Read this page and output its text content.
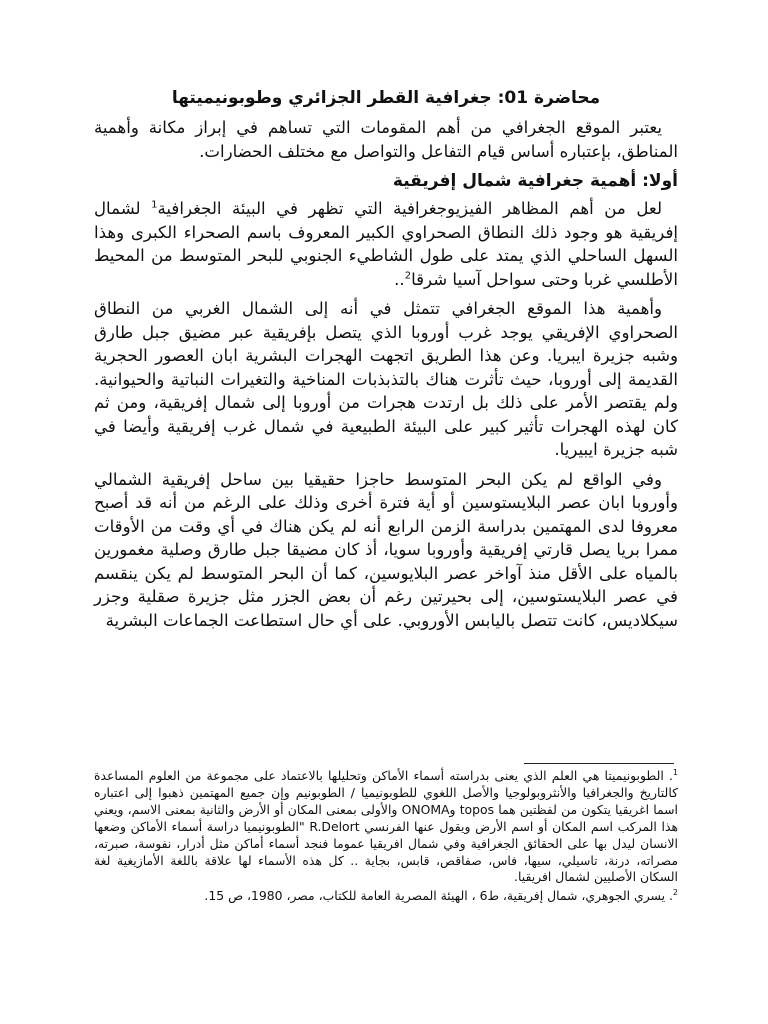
محاضرة 01: جغرافية القطر الجزائري وطوبونيميتها

يعتبر الموقع الجغرافي من أهم المقومات التي تساهم في إبراز مكانة وأهمية المناطق، بإعتباره أساس قيام التفاعل والتواصل مع مختلف الحضارات.

أولا: أهمية جغرافية شمال إفريقية

لعل من أهم المظاهر الفيزيوجغرافية التي تظهر في البيئة الجغرافية$^1$ لشمال إفريقية هو وجود ذلك النطاق الصحراوي الكبير المعروف باسم الصحراء الكبرى وهذا السهل الساحلي الذي يمتد على طول الشاطيء الجنوبي للبحر المتوسط من المحيط الأطلسي غربا وحتى سواحل آسيا شرقا$^2$..

وأهمية هذا الموقع الجغرافي تتمثل في أنه إلى الشمال الغربي من النطاق الصحراوي الإفريقي يوجد غرب أوروبا الذي يتصل بإفريقية عبر مضيق جبل طارق وشبه جزيرة ايبريا. وعن هذا الطريق اتجهت الهجرات البشرية ابان العصور الحجرية القديمة إلى أوروبا، حيث تأثرت هناك بالتذبذبات المناخية والتغيرات النباتية والحيوانية. ولم يقتصر الأمر على ذلك بل ارتدت هجرات من أوروبا إلى شمال إفريقية، ومن ثم كان لهذه الهجرات تأثير كبير على البيئة الطبيعية في شمال غرب إفريقية وأيضا في شبه جزيرة ايبيريا.

وفي الواقع لم يكن البحر المتوسط حاجزا حقيقيا بين ساحل إفريقية الشمالي وأوروبا ابان عصر البلايستوسين أو أية فترة أخرى وذلك على الرغم من أنه قد أصبح معروفا لدى المهتمين بدراسة الزمن الرابع أنه لم يكن هناك في أي وقت من الأوقات ممرا بريا يصل قارتي إفريقية وأوروبا سويا، أذ كان مضيقا جبل طارق وصلية مغمورين بالمياه على الأقل منذ آواخر عصر البلايوسين، كما أن البحر المتوسط لم يكن ينقسم في عصر البلايستوسين، إلى بحيرتين رغم أن بعض الجزر مثل جزيرة صقلية وجزر سيكلاديس، كانت تتصل باليابس الأوروبي. على أي حال استطاعت الجماعات البشرية

$^1$. الطوبونيميتا هي العلم الذي يعنى بدراسته أسماء الأماكن وتحليلها بالاعتماد على مجموعة من العلوم المساعدة كالتاريخ والجغرافيا والأنثروبولوجيا والأصل اللغوي للطوبونيميا / الطوبونيم وإن جميع المهتمين ذهبوا إلى اعتباره اسما اغريقيا يتكون من لفظتين هما topos وONOMA والأولى بمعنى المكان أو الأرض والثانية بمعنى الاسم، ويعني هذا المركب اسم المكان أو اسم الأرض ويقول عنها الفرنسي R.Delort "الطوبونيميا دراسة أسماء الأماكن وضعها الانسان ليدل بها على الحقائق الجغرافية وفي شمال افريقيا عموما فنجد أسماء أماكن مثل أدرار، نفوسة، صبرته، مصراته، درنة، تاسيلي، سيها، فاس، صفاقص، قابس، بجاية .. كل هذه الأسماء لها علاقة باللغة الأمازيغية لغة السكان الأصليين لشمال افريقيا.
$^2$. يسري الجوهري، شمال إفريقية، ط6 ، الهيئة المصرية العامة للكتاب، مصر، 1980، ص 15.
